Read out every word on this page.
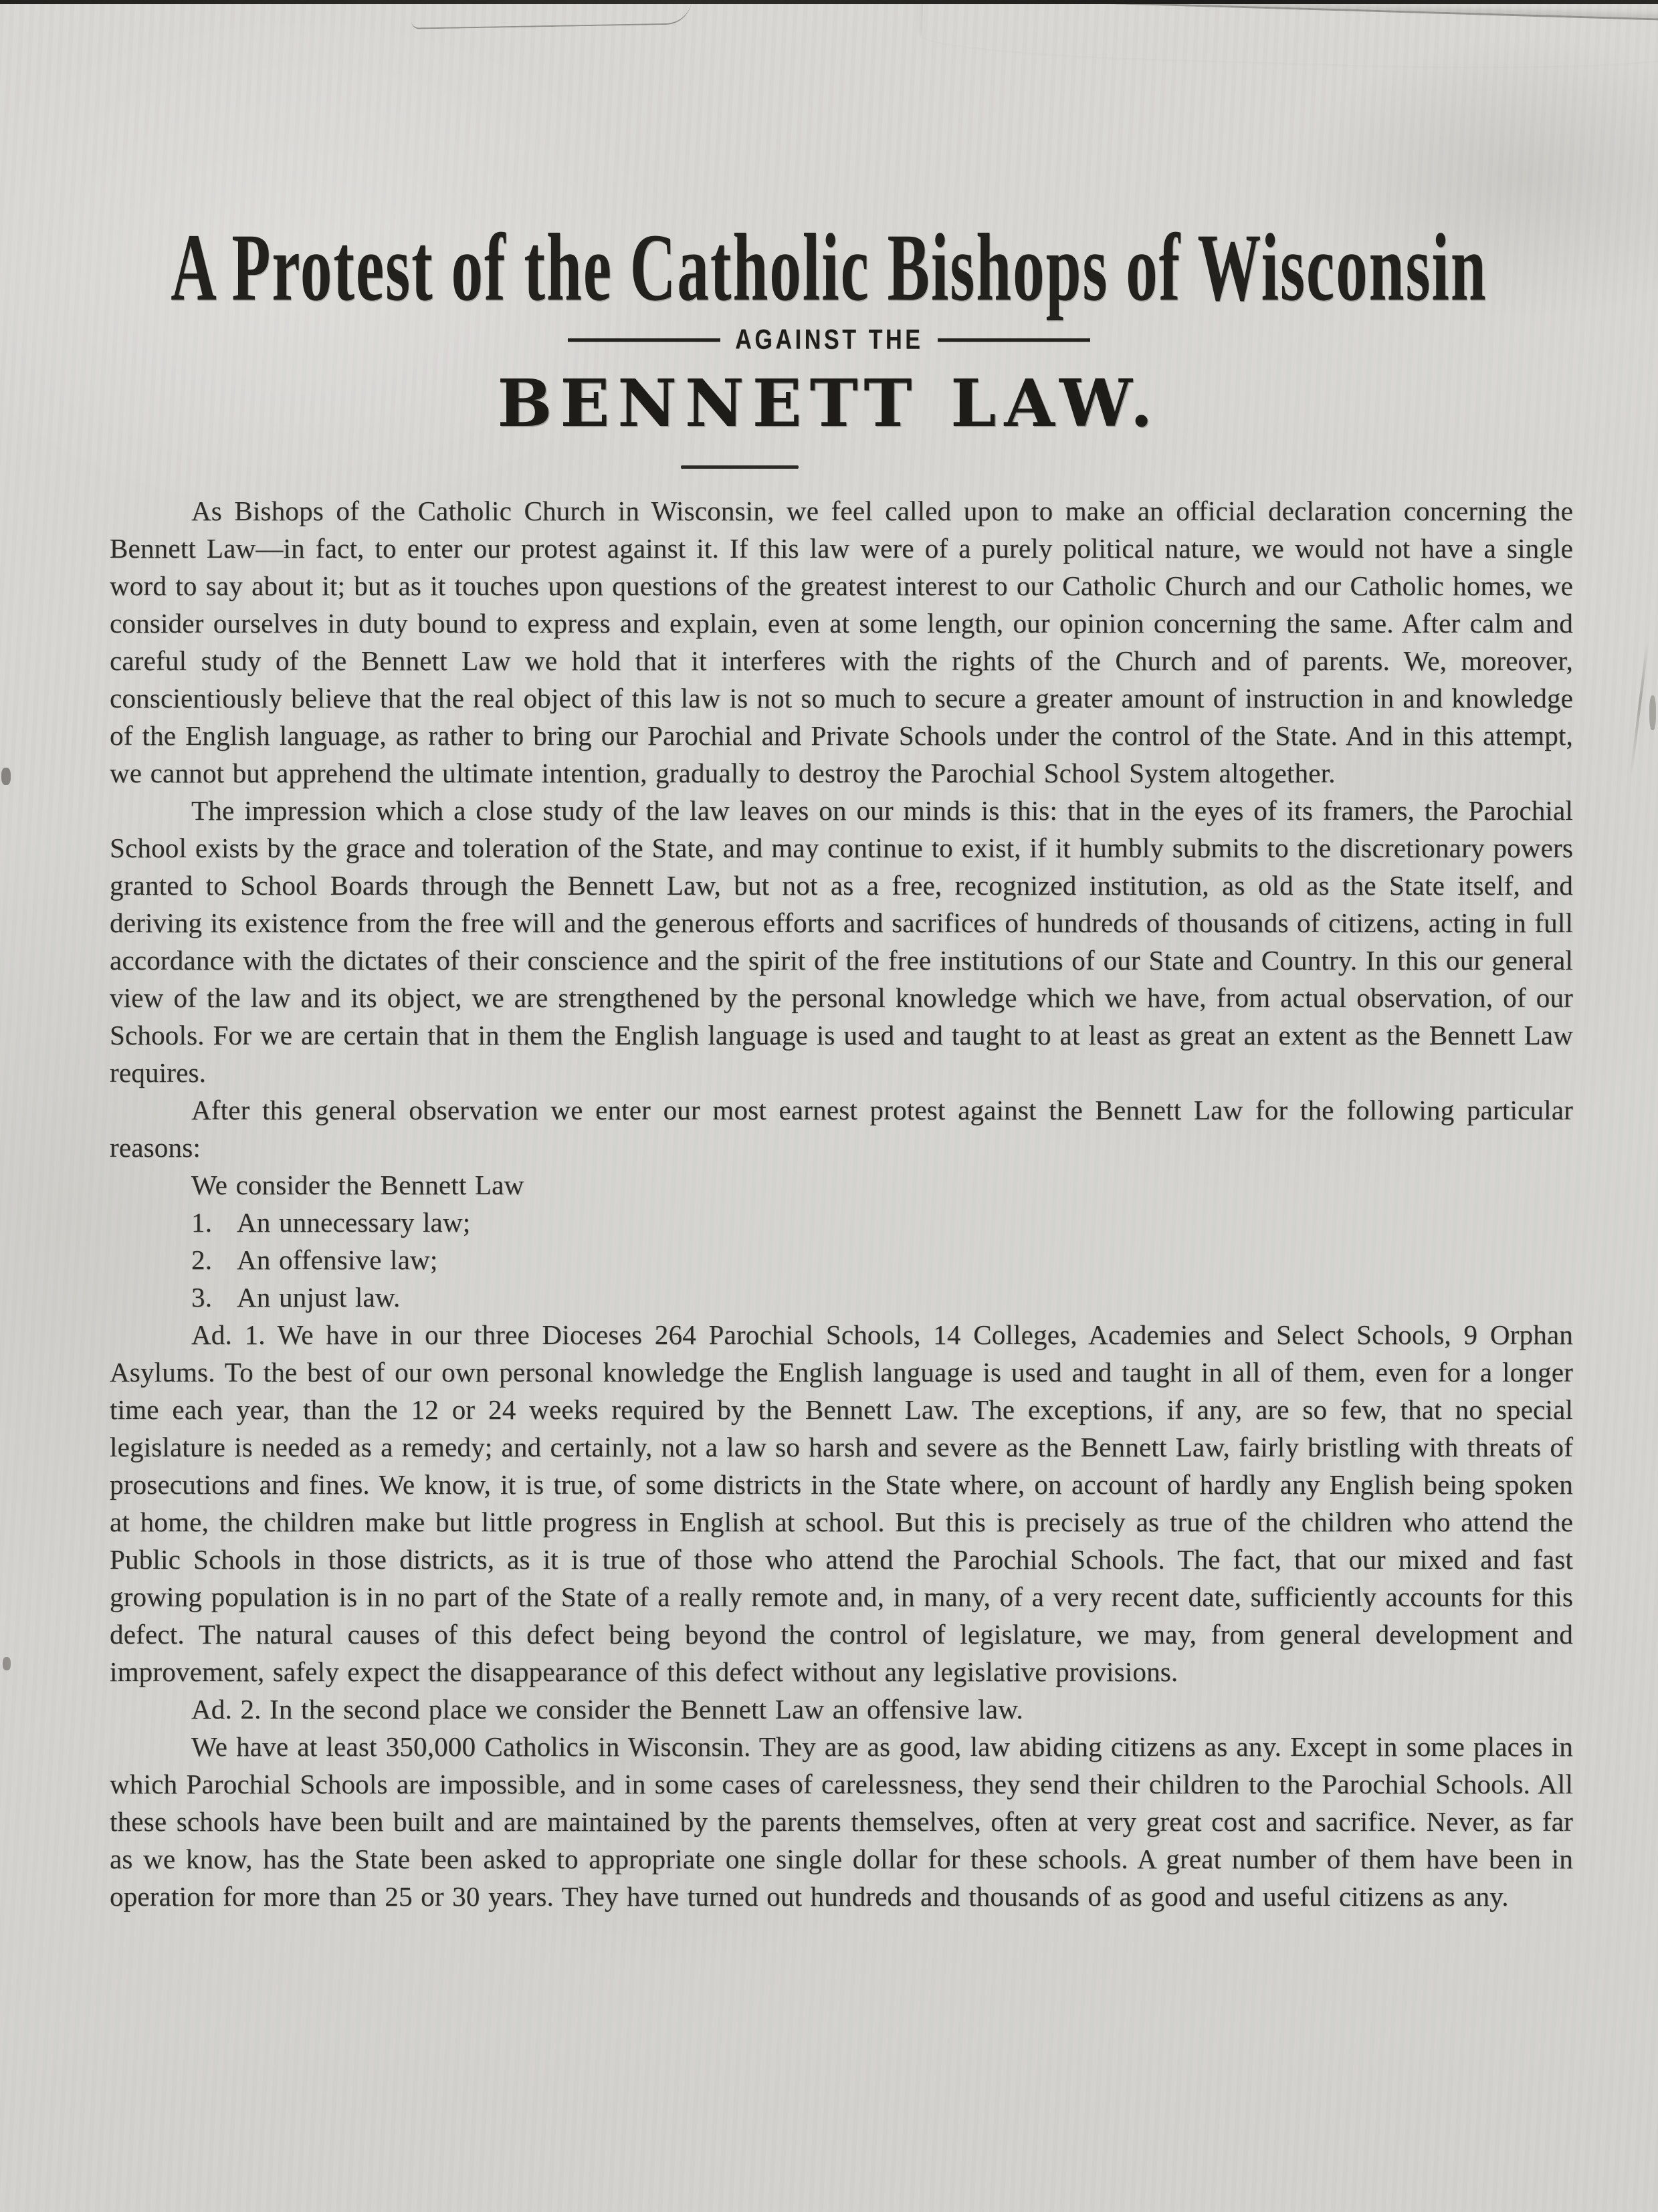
A Protest of the Catholic Bishops of Wisconsin
AGAINST THE
BENNETT LAW.

As Bishops of the Catholic Church in Wisconsin, we feel called upon to make an official declaration concerning the Bennett Law—in fact, to enter our protest against it. If this law were of a purely political nature, we would not have a single word to say about it; but as it touches upon questions of the greatest interest to our Catholic Church and our Catholic homes, we consider ourselves in duty bound to express and explain, even at some length, our opinion concerning the same. After calm and careful study of the Bennett Law we hold that it interferes with the rights of the Church and of parents. We, moreover, conscientiously believe that the real object of this law is not so much to secure a greater amount of instruction in and knowledge of the English language, as rather to bring our Parochial and Private Schools under the control of the State. And in this attempt, we cannot but apprehend the ultimate intention, gradually to destroy the Parochial School System altogether.

The impression which a close study of the law leaves on our minds is this: that in the eyes of its framers, the Parochial School exists by the grace and toleration of the State, and may continue to exist, if it humbly submits to the discretionary powers granted to School Boards through the Bennett Law, but not as a free, recognized institution, as old as the State itself, and deriving its existence from the free will and the generous efforts and sacrifices of hundreds of thousands of citizens, acting in full accordance with the dictates of their conscience and the spirit of the free institutions of our State and Country. In this our general view of the law and its object, we are strengthened by the personal knowledge which we have, from actual observation, of our Schools. For we are certain that in them the English language is used and taught to at least as great an extent as the Bennett Law requires.

After this general observation we enter our most earnest protest against the Bennett Law for the following particular reasons:

We consider the Bennett Law

1. An unnecessary law;
2. An offensive law;
3. An unjust law.

Ad. 1. We have in our three Dioceses 264 Parochial Schools, 14 Colleges, Academies and Select Schools, 9 Orphan Asylums. To the best of our own personal knowledge the English language is used and taught in all of them, even for a longer time each year, than the 12 or 24 weeks required by the Bennett Law. The exceptions, if any, are so few, that no special legislature is needed as a remedy; and certainly, not a law so harsh and severe as the Bennett Law, fairly bristling with threats of prosecutions and fines. We know, it is true, of some districts in the State where, on account of hardly any English being spoken at home, the children make but little progress in English at school. But this is precisely as true of the children who attend the Public Schools in those districts, as it is true of those who attend the Parochial Schools. The fact, that our mixed and fast growing population is in no part of the State of a really remote and, in many, of a very recent date, sufficiently accounts for this defect. The natural causes of this defect being beyond the control of legislature, we may, from general development and improvement, safely expect the disappearance of this defect without any legislative provisions.

Ad. 2. In the second place we consider the Bennett Law an offensive law.

We have at least 350,000 Catholics in Wisconsin. They are as good, law abiding citizens as any. Except in some places in which Parochial Schools are impossible, and in some cases of carelessness, they send their children to the Parochial Schools. All these schools have been built and are maintained by the parents themselves, often at very great cost and sacrifice. Never, as far as we know, has the State been asked to appropriate one single dollar for these schools. A great number of them have been in operation for more than 25 or 30 years. They have turned out hundreds and thousands of as good and useful citizens as any.
